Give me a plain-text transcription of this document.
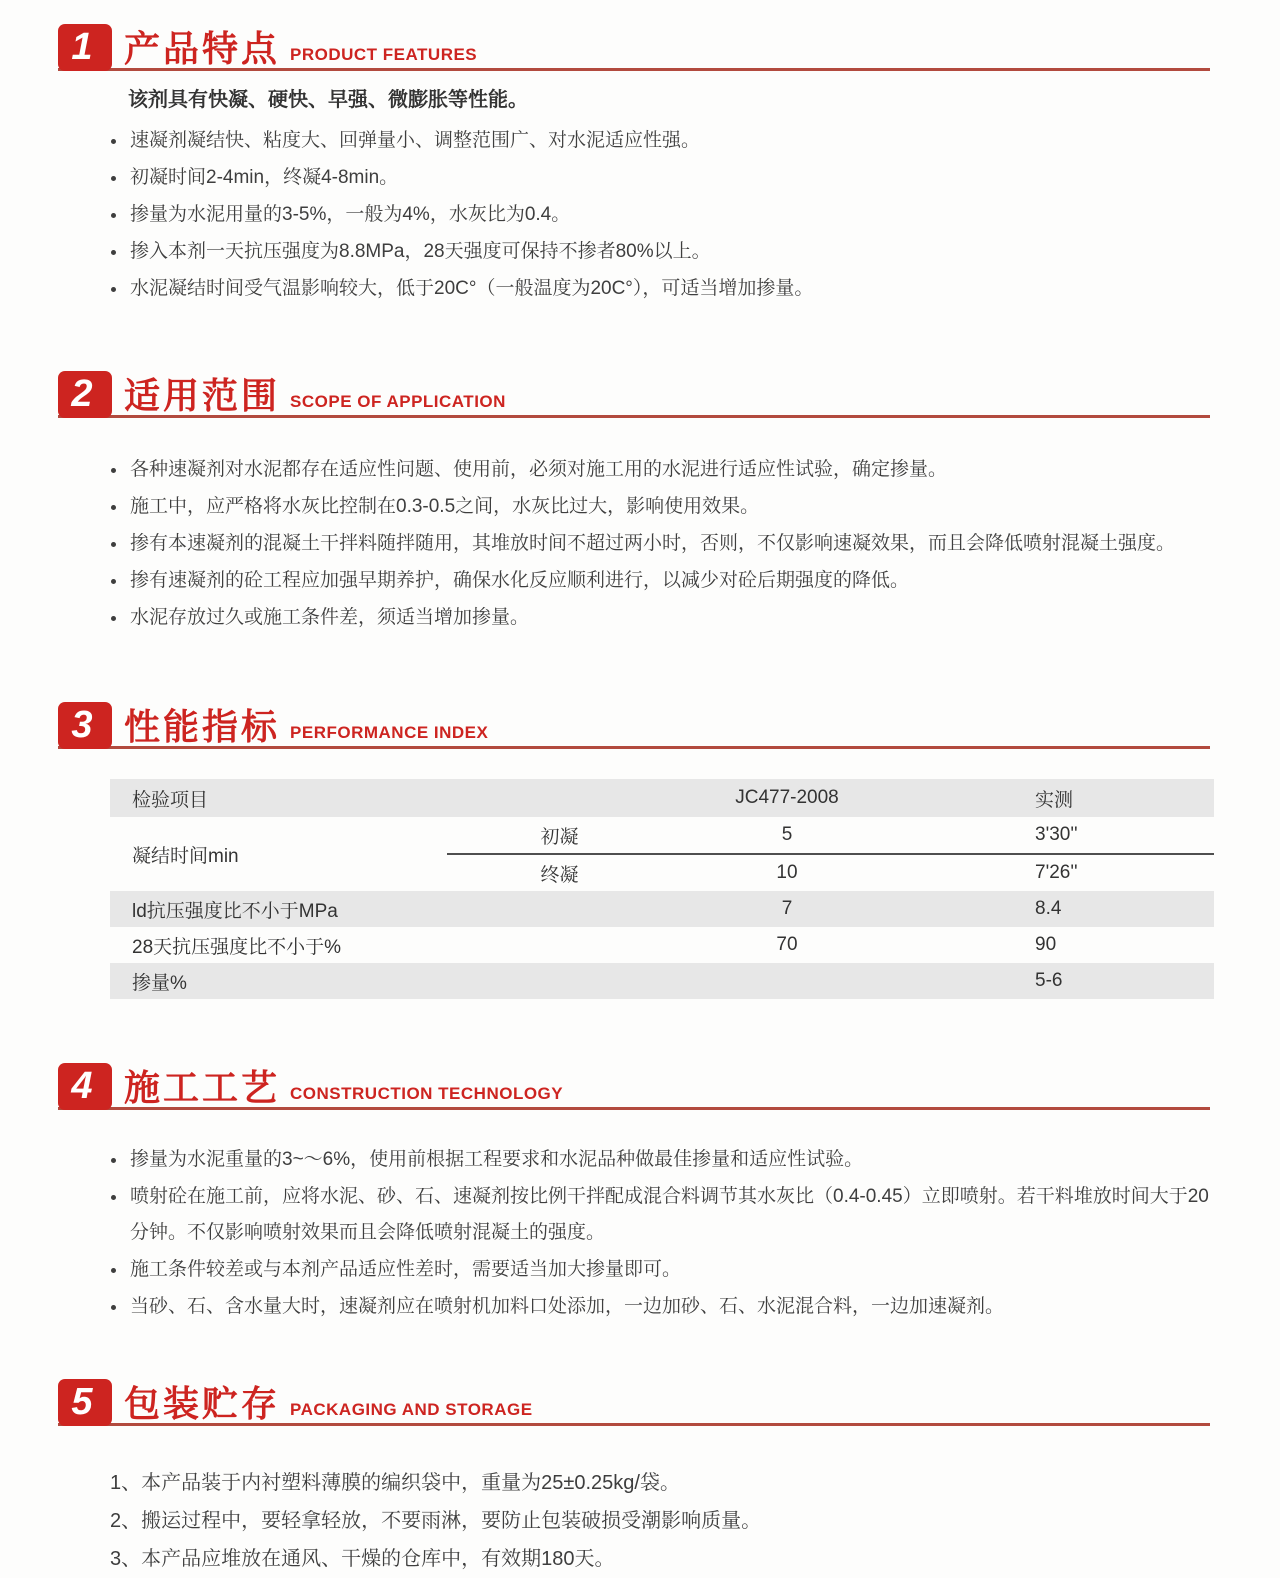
1 产品特点 PRODUCT FEATURES

该剂具有快凝、硬快、早强、微膨胀等性能。

速凝剂凝结快、粘度大、回弹量小、调整范围广、对水泥适应性强。
初凝时间2-4min，终凝4-8min。
掺量为水泥用量的3-5%，一般为4%，水灰比为0.4。
掺入本剂一天抗压强度为8.8MPa，28天强度可保持不掺者80%以上。
水泥凝结时间受气温影响较大，低于20C°（一般温度为20C°），可适当增加掺量。
2 适用范围 SCOPE OF APPLICATION
各种速凝剂对水泥都存在适应性问题、使用前，必须对施工用的水泥进行适应性试验，确定掺量。
施工中，应严格将水灰比控制在0.3-0.5之间，水灰比过大，影响使用效果。
掺有本速凝剂的混凝土干拌料随拌随用，其堆放时间不超过两小时，否则，不仅影响速凝效果，而且会降低喷射混凝土强度。
掺有速凝剂的砼工程应加强早期养护，确保水化反应顺利进行，以减少对砼后期强度的降低。
水泥存放过久或施工条件差，须适当增加掺量。
3 性能指标 PERFORMANCE INDEX
检验项目		JC477-2008	实测
凝结时间min	初凝	5	3'30''
	终凝	10	7'26''
ld抗压强度比不小于MPa		7	8.4
28天抗压强度比不小于%		70	90
掺量%			5-6
4 施工工艺 CONSTRUCTION TECHNOLOGY
掺量为水泥重量的3~～6%，使用前根据工程要求和水泥品种做最佳掺量和适应性试验。
喷射砼在施工前，应将水泥、砂、石、速凝剂按比例干拌配成混合料调节其水灰比（0.4-0.45）立即喷射。若干料堆放时间大于20分钟。不仅影响喷射效果而且会降低喷射混凝土的强度。
施工条件较差或与本剂产品适应性差时，需要适当加大掺量即可。
当砂、石、含水量大时，速凝剂应在喷射机加料口处添加，一边加砂、石、水泥混合料，一边加速凝剂。
5 包装贮存 PACKAGING AND STORAGE
1、本产品装于内衬塑料薄膜的编织袋中，重量为25±0.25kg/袋。
2、搬运过程中，要轻拿轻放，不要雨淋，要防止包装破损受潮影响质量。
3、本产品应堆放在通风、干燥的仓库中，有效期180天。
